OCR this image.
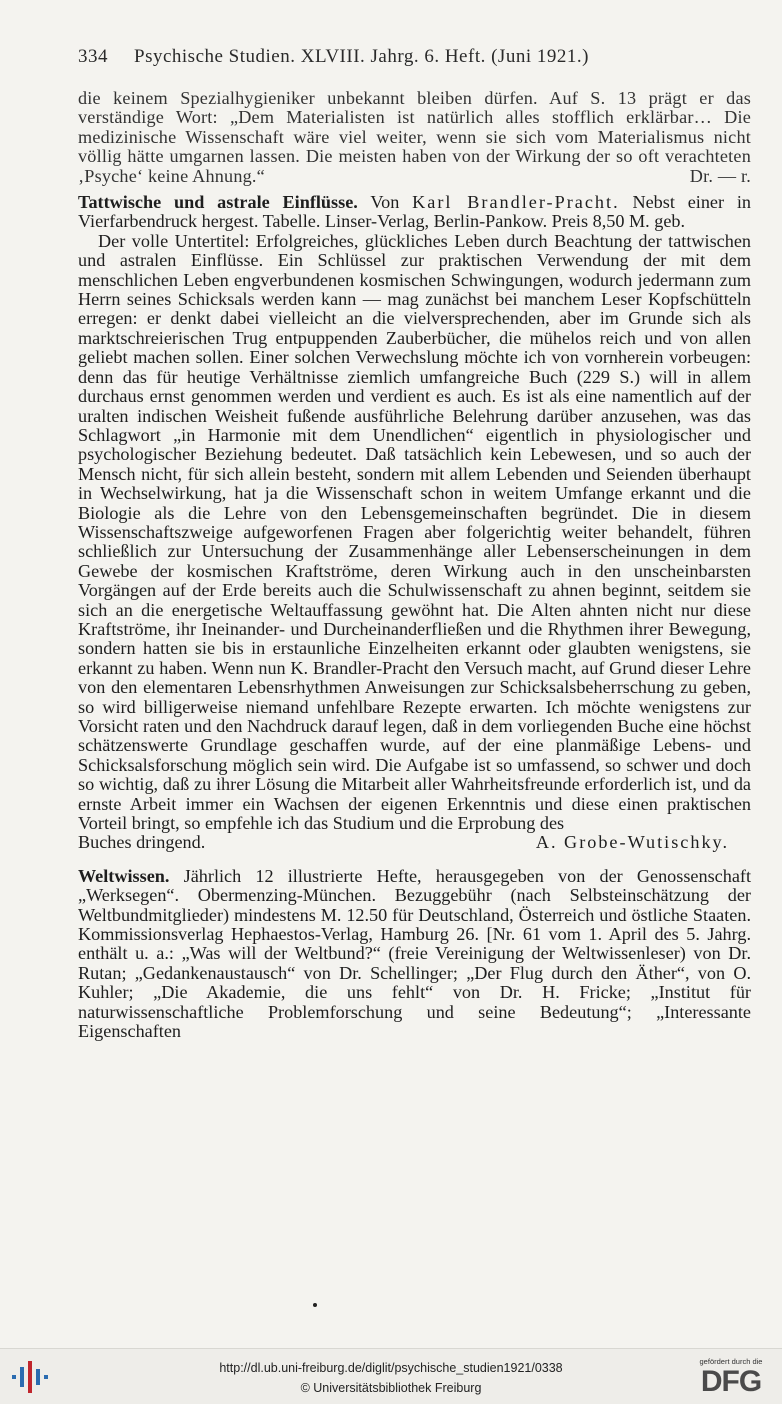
334 Psychische Studien. XLVIII. Jahrg. 6. Heft. (Juni 1921.)

die keinem Spezialhygieniker unbekannt bleiben dürfen. Auf S. 13 prägt er das verständige Wort: „Dem Materialisten ist natürlich alles stofflich erklärbar… Die medizinische Wissenschaft wäre viel weiter, wenn sie sich vom Materialismus nicht völlig hätte umgarnen lassen. Die meisten haben von der Wirkung der so oft verachteten ‚Psyche‘ keine Ahnung.“	Dr. — r.

Tattwische und astrale Einflüsse. Von Karl Brandler-Pracht. Nebst einer in Vierfarbendruck hergest. Tabelle. Linser-Verlag, Berlin-Pankow. Preis 8,50 M. geb.

Der volle Untertitel: Erfolgreiches, glückliches Leben durch Beachtung der tattwischen und astralen Einflüsse. Ein Schlüssel zur praktischen Verwendung der mit dem menschlichen Leben engverbundenen kosmischen Schwingungen, wodurch jedermann zum Herrn seines Schicksals werden kann — mag zunächst bei manchem Leser Kopfschütteln erregen: er denkt dabei vielleicht an die vielversprechenden, aber im Grunde sich als marktschreierischen Trug entpuppenden Zauberbücher, die mühelos reich und von allen geliebt machen sollen. Einer solchen Verwechslung möchte ich von vornherein vorbeugen: denn das für heutige Verhältnisse ziemlich umfangreiche Buch (229 S.) will in allem durchaus ernst genommen werden und verdient es auch. Es ist als eine namentlich auf der uralten indischen Weisheit fußende ausführliche Belehrung darüber anzusehen, was das Schlagwort „in Harmonie mit dem Unendlichen“ eigentlich in physiologischer und psychologischer Beziehung bedeutet. Daß tatsächlich kein Lebewesen, und so auch der Mensch nicht, für sich allein besteht, sondern mit allem Lebenden und Seienden überhaupt in Wechselwirkung, hat ja die Wissenschaft schon in weitem Umfange erkannt und die Biologie als die Lehre von den Lebensgemeinschaften begründet. Die in diesem Wissenschaftszweige aufgeworfenen Fragen aber folgerichtig weiter behandelt, führen schließlich zur Untersuchung der Zusammenhänge aller Lebenserscheinungen in dem Gewebe der kosmischen Kraftströme, deren Wirkung auch in den unscheinbarsten Vorgängen auf der Erde bereits auch die Schulwissenschaft zu ahnen beginnt, seitdem sie sich an die energetische Weltauffassung gewöhnt hat. Die Alten ahnten nicht nur diese Kraftströme, ihr Ineinander- und Durcheinanderfließen und die Rhythmen ihrer Bewegung, sondern hatten sie bis in erstaunliche Einzelheiten erkannt oder glaubten wenigstens, sie erkannt zu haben. Wenn nun K. Brandler-Pracht den Versuch macht, auf Grund dieser Lehre von den elementaren Lebensrhythmen Anweisungen zur Schicksalsbeherrschung zu geben, so wird billigerweise niemand unfehlbare Rezepte erwarten. Ich möchte wenigstens zur Vorsicht raten und den Nachdruck darauf legen, daß in dem vorliegenden Buche eine höchst schätzenswerte Grundlage geschaffen wurde, auf der eine planmäßige Lebens- und Schicksalsforschung möglich sein wird. Die Aufgabe ist so umfassend, so schwer und doch so wichtig, daß zu ihrer Lösung die Mitarbeit aller Wahrheitsfreunde erforderlich ist, und da ernste Arbeit immer ein Wachsen der eigenen Erkenntnis und diese einen praktischen Vorteil bringt, so empfehle ich das Studium und die Erprobung des

Buches dringend.	A. Grobe-Wutischky.

Weltwissen. Jährlich 12 illustrierte Hefte, herausgegeben von der Genossenschaft „Werksegen“. Obermenzing-München. Bezuggebühr (nach Selbsteinschätzung der Weltbundmitglieder) mindestens M. 12.50 für Deutschland, Österreich und östliche Staaten. Kommissionsverlag Hephaestos-Verlag, Hamburg 26. [Nr. 61 vom 1. April des 5. Jahrg. enthält u. a.: „Was will der Weltbund?“ (freie Vereinigung der Weltwissenleser) von Dr. Rutan; „Gedankenaustausch“ von Dr. Schellinger; „Der Flug durch den Äther“, von O. Kuhler; „Die Akademie, die uns fehlt“ von Dr. H. Fricke; „Institut für naturwissenschaftliche Problemforschung und seine Bedeutung“; „Interessante Eigenschaften

http://dl.ub.uni-freiburg.de/diglit/psychische_studien1921/0338
© Universitätsbibliothek Freiburg
gefördert durch die
DFG
